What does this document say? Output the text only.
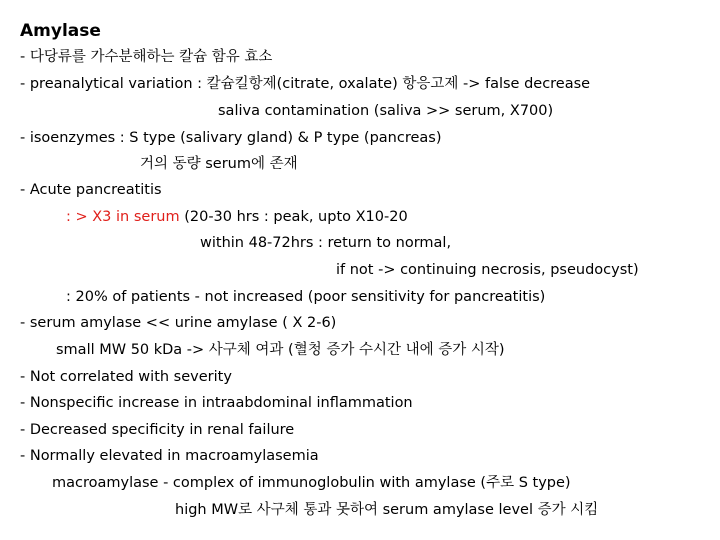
Amylase
- 다당류를 가수분해하는 칼슘 함유 효소
- preanalytical variation : 칼슘킬항제(citrate, oxalate) 항응고제 -> false decrease
saliva contamination (saliva >> serum, X700)
- isoenzymes : S type (salivary gland) & P type (pancreas)
거의 동량 serum에 존재
- Acute pancreatitis
: > X3 in serum (20-30 hrs : peak, upto X10-20
within 48-72hrs : return to normal,
if not -> continuing necrosis, pseudocyst)
: 20% of patients - not increased (poor sensitivity for pancreatitis)
- serum amylase << urine amylase ( X 2-6)
small MW 50 kDa -> 사구체 여과 (혈청 증가 수시간 내에 증가 시작)
- Not correlated with severity
- Nonspecific increase in intraabdominal inflammation
- Decreased specificity in renal failure
- Normally elevated in macroamylasemia
macroamylase - complex of immunoglobulin with amylase (주로 S type)
high MW로 사구체 통과 못하여 serum amylase level 증가 시킴
